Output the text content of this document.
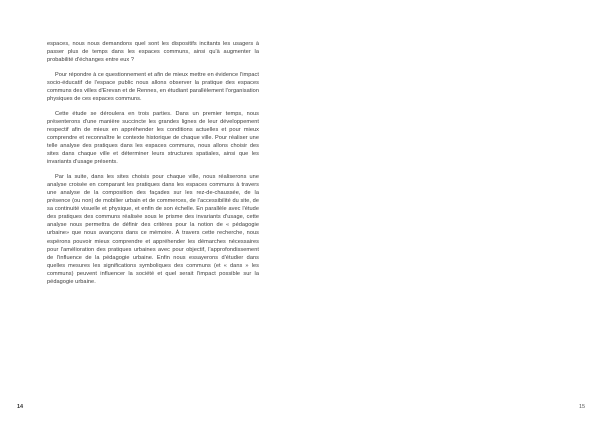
espaces, nous nous demandons quel sont les dispositifs incitants les usagers à passer plus de temps dans les espaces communs, ainsi qu'à augmenter la probabilité d'échanges entre eux ?

Pour répondre à ce questionnement et afin de mieux mettre en évidence l'impact socio-éducatif de l'espace public nous allons observer la pratique des espaces communs des villes d'Erevan et de Rennes, en étudiant parallèlement l'organisation physiques de ces espaces communs.

Cette étude se déroulera en trois parties. Dans un premier temps, nous présenterons d'une manière succincte les grandes lignes de leur développement respectif afin de mieux en appréhender les conditions actuelles et pour mieux comprendre et reconnaître le contexte historique de chaque ville. Pour réaliser une telle analyse des pratiques dans les espaces communs, nous allons choisir des sites dans chaque ville et déterminer leurs structures spatiales, ainsi que les invariants d'usage présents.

Par la suite, dans les sites choisis pour chaque ville, nous réaliserons une analyse croisée en comparant les pratiques dans les espaces communs à travers une analyse de la composition des façades sur les rez-de-chaussée, de la présence (ou non) de mobilier urbain et de commerces, de l'accessibilité du site, de sa continuité visuelle et physique, et enfin de son échelle. En parallèle avec l'étude des pratiques des communs réalisée sous le prisme des invariants d'usage, cette analyse nous permettra de définir des critères pour la notion de « pédagogie urbaine» que nous avançons dans ce mémoire. À travers cette recherche, nous espérons pouvoir mieux comprendre et appréhender les démarches nécessaires pour l'amélioration des pratiques urbaines avec pour objectif, l'approfondissement de l'influence de la pédagogie urbaine. Enfin nous essayerons d'étudier dans quelles mesures les significations symboliques des communs (et « dans » les communs) peuvent influencer la société et quel serait l'impact possible sur la pédagogie urbaine.

14	15
